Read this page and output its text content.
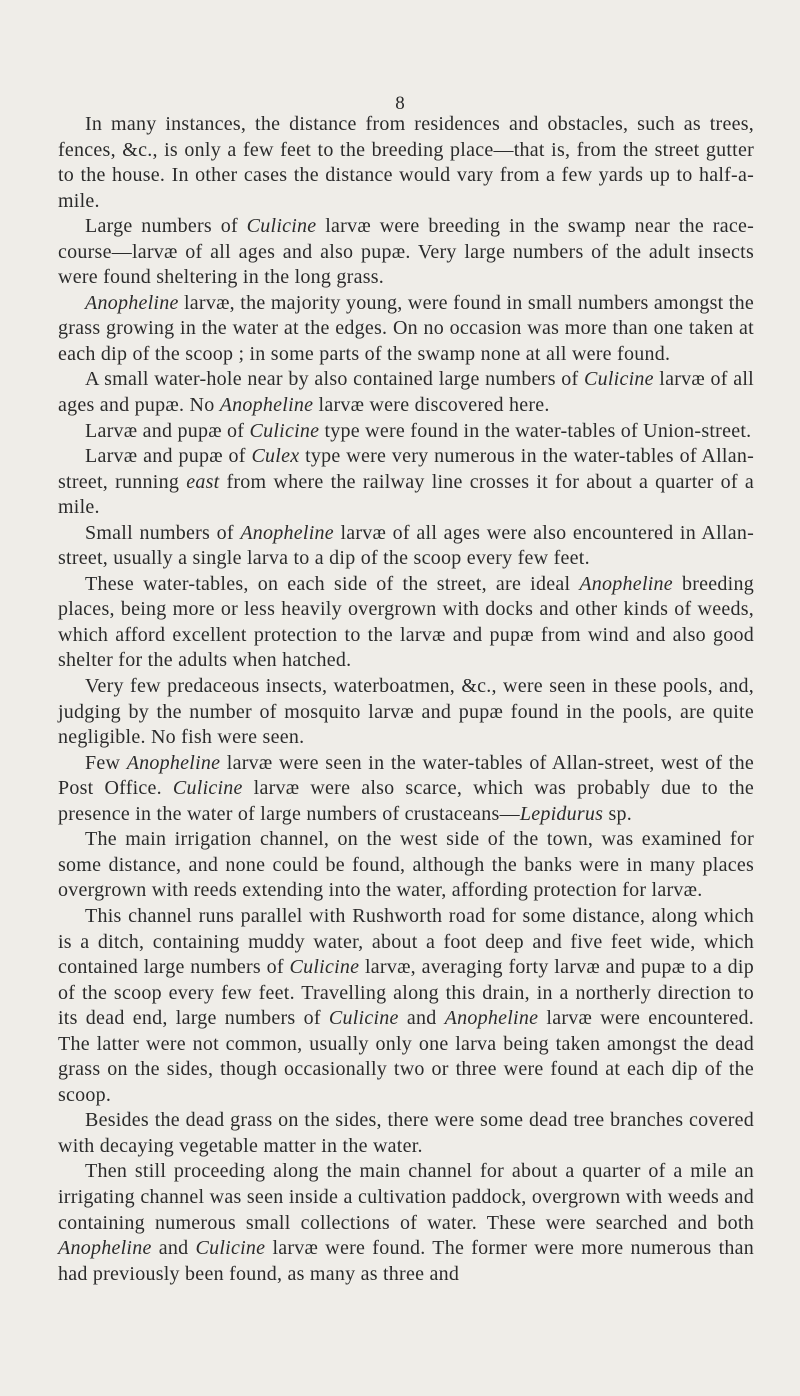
8

In many instances, the distance from residences and obstacles, such as trees, fences, &c., is only a few feet to the breeding place—that is, from the street gutter to the house. In other cases the distance would vary from a few yards up to half-a-mile.

Large numbers of Culicine larvæ were breeding in the swamp near the race-course—larvæ of all ages and also pupæ. Very large numbers of the adult insects were found sheltering in the long grass.

Anopheline larvæ, the majority young, were found in small numbers amongst the grass growing in the water at the edges. On no occasion was more than one taken at each dip of the scoop ; in some parts of the swamp none at all were found.

A small water-hole near by also contained large numbers of Culicine larvæ of all ages and pupæ. No Anopheline larvæ were discovered here.

Larvæ and pupæ of Culicine type were found in the water-tables of Union-street.

Larvæ and pupæ of Culex type were very numerous in the water-tables of Allan-street, running east from where the railway line crosses it for about a quarter of a mile.

Small numbers of Anopheline larvæ of all ages were also encountered in Allan-street, usually a single larva to a dip of the scoop every few feet.

These water-tables, on each side of the street, are ideal Anopheline breeding places, being more or less heavily overgrown with docks and other kinds of weeds, which afford excellent protection to the larvæ and pupæ from wind and also good shelter for the adults when hatched.

Very few predaceous insects, waterboatmen, &c., were seen in these pools, and, judging by the number of mosquito larvæ and pupæ found in the pools, are quite negligible. No fish were seen.

Few Anopheline larvæ were seen in the water-tables of Allan-street, west of the Post Office. Culicine larvæ were also scarce, which was probably due to the presence in the water of large numbers of crustaceans—Lepidurus sp.

The main irrigation channel, on the west side of the town, was examined for some distance, and none could be found, although the banks were in many places overgrown with reeds extending into the water, affording protection for larvæ.

This channel runs parallel with Rushworth road for some distance, along which is a ditch, containing muddy water, about a foot deep and five feet wide, which contained large numbers of Culicine larvæ, averaging forty larvæ and pupæ to a dip of the scoop every few feet. Travelling along this drain, in a northerly direction to its dead end, large numbers of Culicine and Anopheline larvæ were encountered. The latter were not common, usually only one larva being taken amongst the dead grass on the sides, though occasionally two or three were found at each dip of the scoop.

Besides the dead grass on the sides, there were some dead tree branches covered with decaying vegetable matter in the water.

Then still proceeding along the main channel for about a quarter of a mile an irrigating channel was seen inside a cultivation paddock, overgrown with weeds and containing numerous small collections of water. These were searched and both Anopheline and Culicine larvæ were found. The former were more numerous than had previously been found, as many as three and
